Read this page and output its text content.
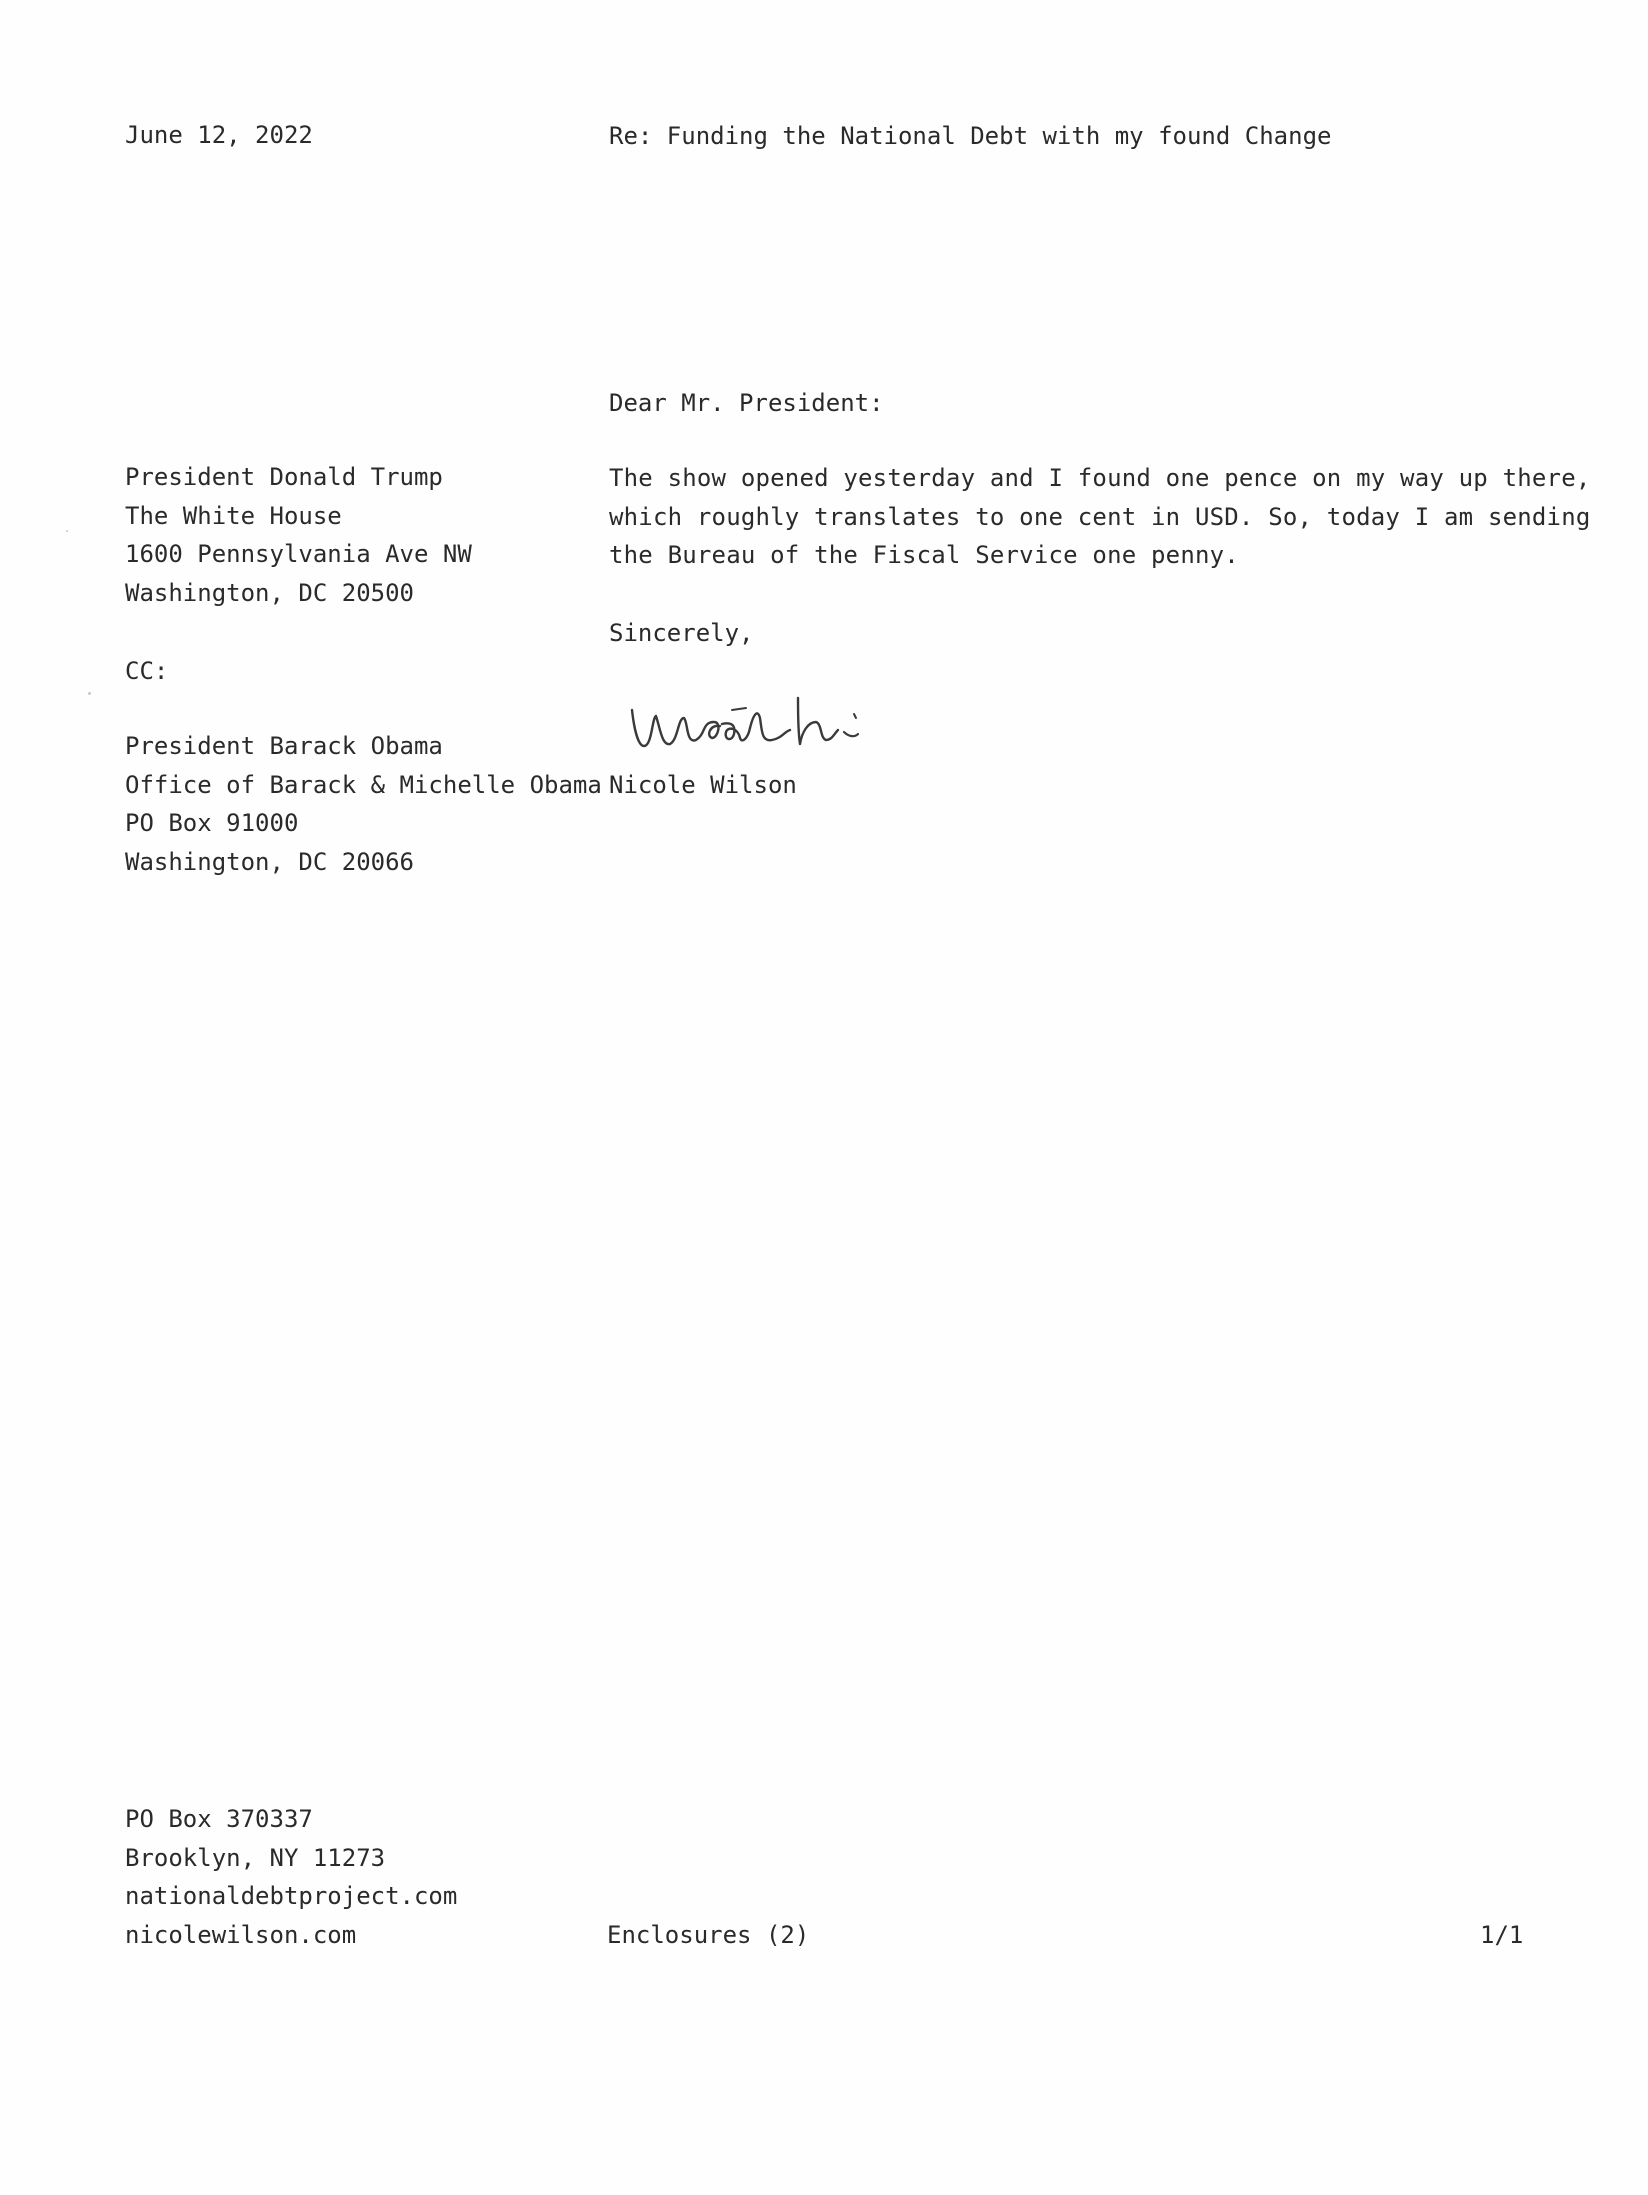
June 12, 2022	Re: Funding the National Debt with my found Change
Dear Mr. President:
President Donald Trump
The White House
1600 Pennsylvania Ave NW
Washington, DC 20500
The show opened yesterday and I found one pence on my way up there,
which roughly translates to one cent in USD. So, today I am sending
the Bureau of the Fiscal Service one penny.
Sincerely,
CC:
President Barack Obama
Office of Barack & Michelle Obama
PO Box 91000
Washington, DC 20066
Nicole Wilson
PO Box 370337
Brooklyn, NY 11273
nationaldebtproject.com
nicolewilson.com	Enclosures (2)	1/1
